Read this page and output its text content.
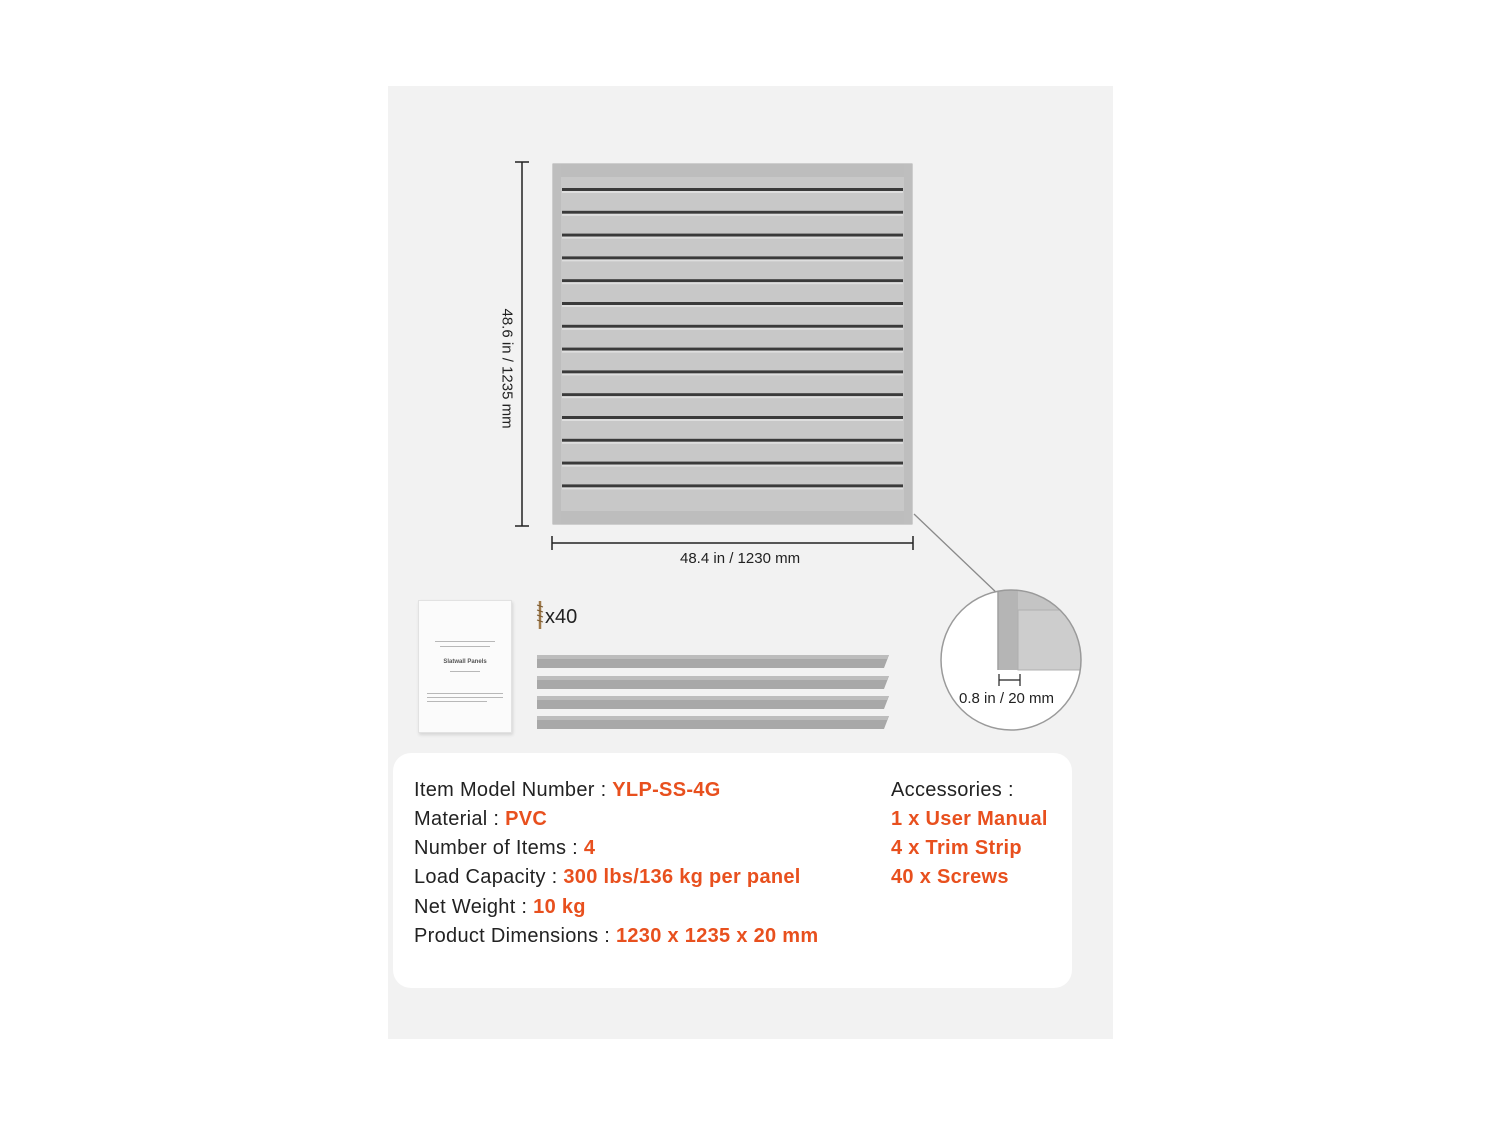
48.6 in / 1235 mm
48.4 in / 1230 mm
0.8 in / 20 mm
x40
Slatwall Panels
Item Model Number : YLP-SS-4G
Material : PVC
Number of Items : 4
Load Capacity : 300 lbs/136 kg per panel
Net Weight : 10 kg
Product Dimensions : 1230 x 1235 x 20 mm
Accessories :
1 x User Manual
4 x Trim Strip
40 x Screws
